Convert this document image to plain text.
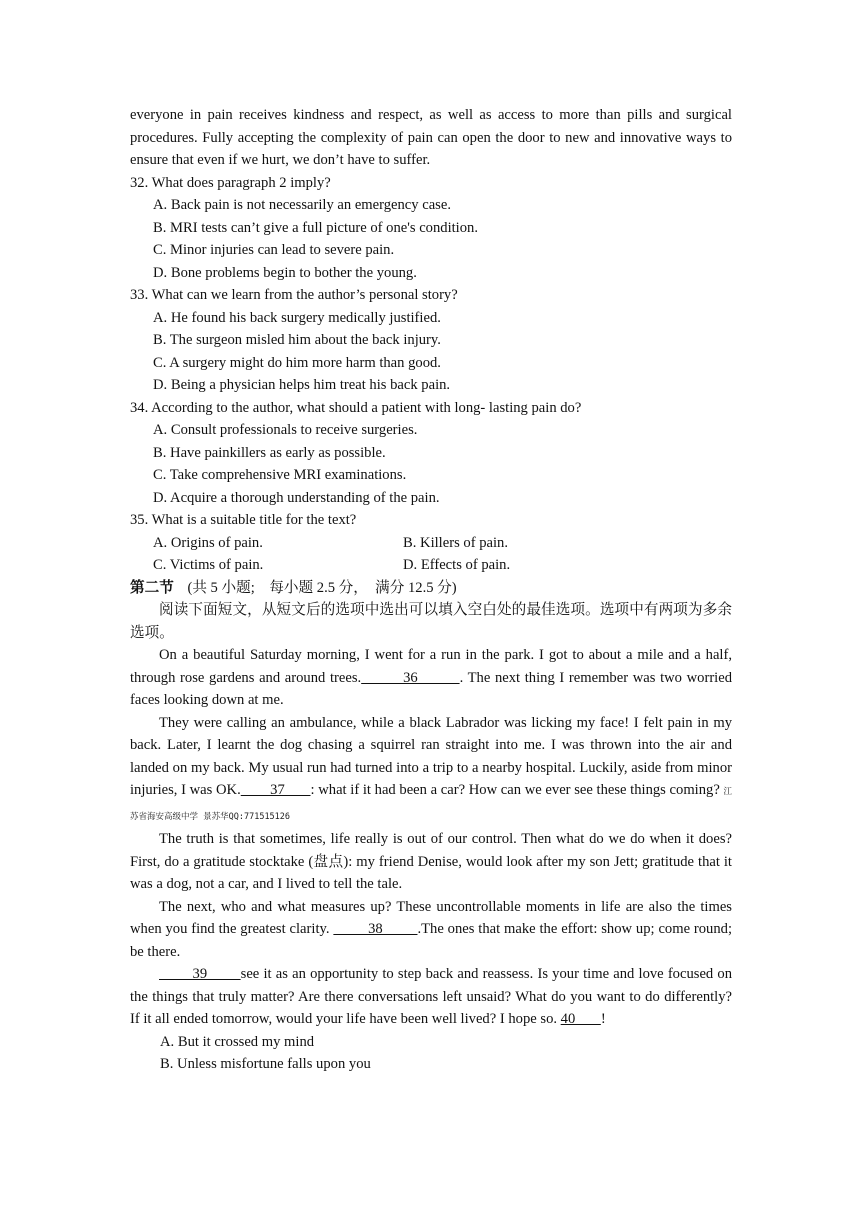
everyone in pain receives kindness and respect, as well as access to more than pills and surgical procedures. Fully accepting the complexity of pain can open the door to new and innovative ways to ensure that even if we hurt, we don’t have to suffer.

32. What does paragraph 2 imply?

A. Back pain is not necessarily an emergency case.

B. MRI tests can’t give a full picture of one's condition.

C. Minor injuries can lead to severe pain.

D. Bone problems begin to bother the young.

33. What can we learn from the author’s personal story?

A. He found his back surgery medically justified.

B. The surgeon misled him about the back injury.

C. A surgery might do him more harm than good.

D. Being a physician helps him treat his back pain.

34. According to the author, what should a patient with long- lasting pain do?

A. Consult professionals to receive surgeries.

B. Have painkillers as early as possible.

C. Take comprehensive MRI examinations.

D. Acquire a thorough understanding of the pain.

35. What is a suitable title for the text?

A. Origins of pain.	B. Killers of pain.

C. Victims of pain.	D. Effects of pain.

第二节 (共 5 小题;　每小题 2.5 分，　满分 12.5 分)

阅读下面短文，从短文后的选项中选出可以填入空白处的最佳选项。选项中有两项为多余选项。

On a beautiful Saturday morning, I went for a run in the park. I got to about a mile and a half, through rose gardens and around trees.         36         . The next thing I remember was two worried faces looking down at me.

They were calling an ambulance, while a black Labrador was licking my face! I felt pain in my back. Later, I learnt the dog chasing a squirrel ran straight into me. I was thrown into the air and landed on my back. My usual run had turned into a trip to a nearby hospital. Luckily, aside from minor injuries, I was OK.        37       : what if it had been a car? How can we ever see these things coming? 江苏省海安高级中学 景苏华QQ:771515126

The truth is that sometimes, life really is out of our control. Then what do we do when it does? First, do a gratitude stocktake (盘点): my friend Denise, would look after my son Jett; gratitude that it was a dog, not a car, and I lived to tell the tale.

The next, who and what measures up? These uncontrollable moments in life are also the times when you find the greatest clarity.          38         .The ones that make the effort: show up; come round; be there.

39        see it as an opportunity to step back and reassess. Is your time and love focused on the things that truly matter? Are there conversations left unsaid? What do you want to do differently? If it all ended tomorrow, would your life have been well lived? I hope so. 40       !

A. But it crossed my mind

B. Unless misfortune falls upon you
